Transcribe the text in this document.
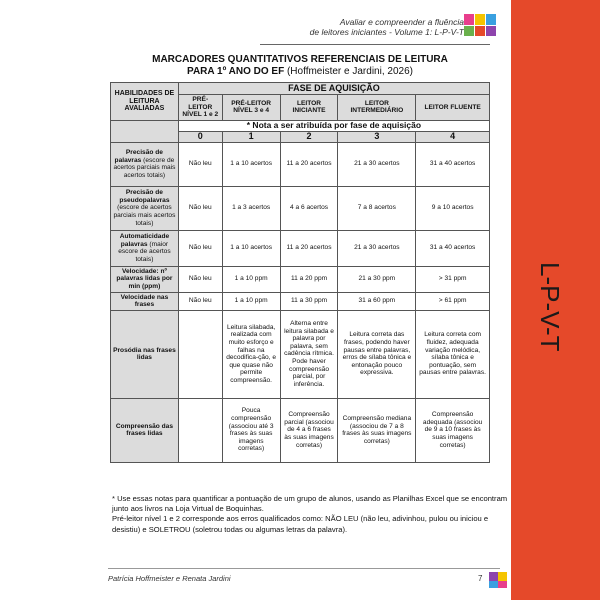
L-P-V-T
Avaliar e compreender a fluência
de leitores iniciantes - Volume 1: L-P-V-T
MARCADORES QUANTITATIVOS REFERENCIAIS DE LEITURA
PARA 1º ANO DO EF (Hoffmeister e Jardini, 2026)
HABILIDADES DE LEITURA AVALIADAS	FASE DE AQUISIÇÃO				
	PRÉ-LEITOR NÍVEL 1 e 2	PRÉ-LEITOR NÍVEL 3 e 4	LEITOR INICIANTE	LEITOR INTERMEDIÁRIO	LEITOR FLUENTE
	* Nota a ser atribuída por fase de aquisição				
	0	1	2	3	4
Precisão de palavras (escore de acertos parciais mais acertos totais)	Não leu	1 a 10 acertos	11 a 20 acertos	21 a 30 acertos	31 a 40 acertos
Precisão de pseudopalavras (escore de acertos parciais mais acertos totais)	Não leu	1 a 3 acertos	4 a 6 acertos	7 a 8 acertos	9 a 10 acertos
Automaticidade palavras (maior escore de acertos totais)	Não leu	1 a 10 acertos	11 a 20 acertos	21 a 30 acertos	31 a 40 acertos
Velocidade: nº palavras lidas por min (ppm)	Não leu	1 a 10 ppm	11 a 20 ppm	21 a 30 ppm	> 31 ppm
Velocidade nas frases	Não leu	1 a 10 ppm	11 a 30 ppm	31 a 60 ppm	> 61 ppm
Prosódia nas frases lidas		Leitura silabada, realizada com muito esforço e falhas na decodifica-ção, e que quase não permite compreensão.	Alterna entre leitura silabada e palavra por palavra, sem cadência rítmica. Pode haver compreensão parcial, por inferência.	Leitura correta das frases, podendo haver pausas entre palavras, erros de sílaba tônica e entonação pouco expressiva.	Leitura correta com fluidez, adequada variação melódica, sílaba tônica e pontuação, sem pausas entre palavras.
Compreensão das frases lidas		Pouca compreensão (associou até 3 frases às suas imagens corretas)	Compreensão parcial (associou de 4 a 6 frases às suas imagens corretas)	Compreensão mediana (associou de 7 a 8 frases às suas imagens corretas)	Compreensão adequada (associou de 9 a 10 frases às suas imagens corretas)

* Use essas notas para quantificar a pontuação de um grupo de alunos, usando as Planilhas Excel que se encontram junto aos livros na Loja Virtual de Boquinhas.

Pré-leitor nível 1 e 2 corresponde aos erros qualificados como: NÃO LEU (não leu, adivinhou, pulou ou iniciou e desistiu) e SOLETROU (soletrou todas ou algumas letras da palavra).

Patrícia Hoffmeister e Renata Jardini	7
